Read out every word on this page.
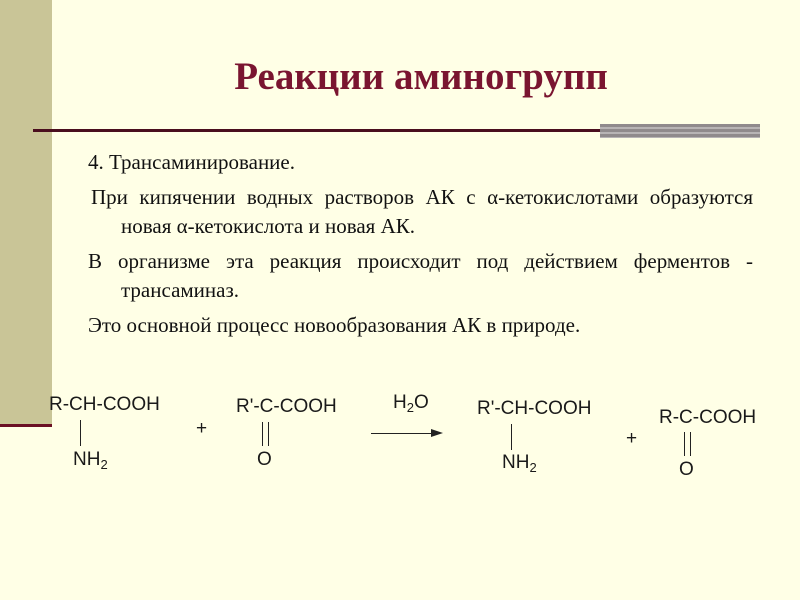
Реакции аминогрупп

4. Трансаминирование.

При кипячении водных растворов АК с α-кетокислотами образуются новая α-кетокислота и новая АК.

В организме эта реакция происходит под действием ферментов - трансаминаз.

Это основной процесс новообразования АК в природе.

R-CH-COOH
$NH_2$
+
R'-C-COOH
O
$H_2O$	R'-CH-COOH
$NH_2$
+
R-C-COOH
O
